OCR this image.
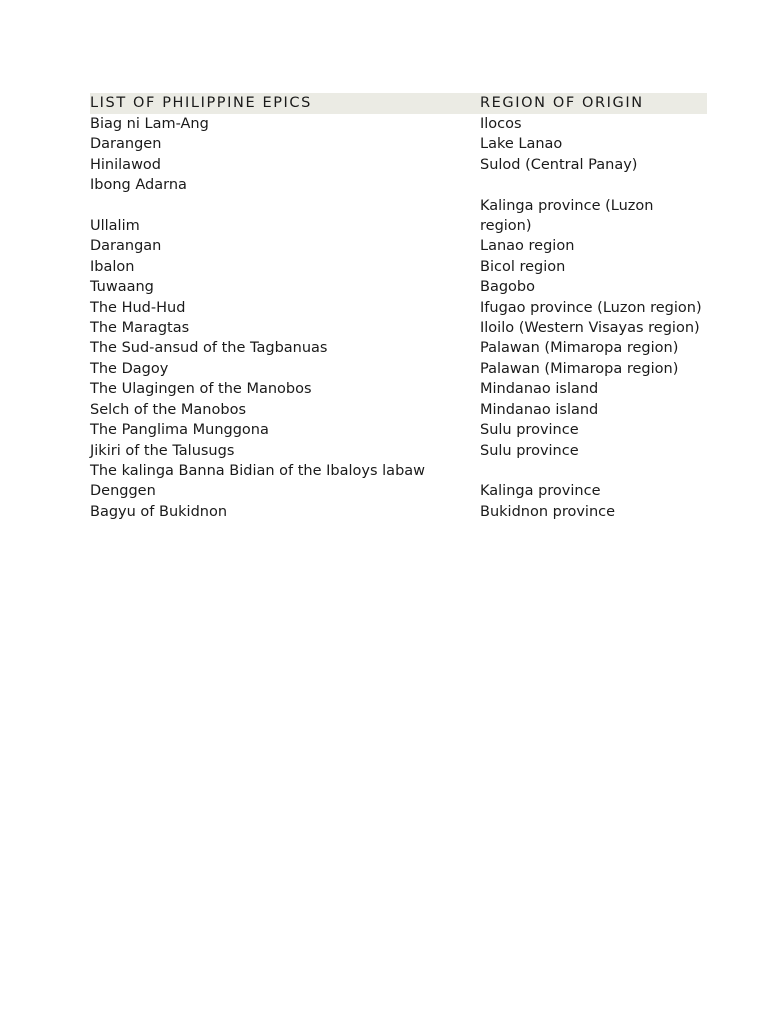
LIST OF PHILIPPINE EPICS	REGION OF ORIGIN
Biag ni Lam-Ang	Ilocos
Darangen	Lake Lanao
Hinilawod	Sulod (Central Panay)
Ibong Adarna	
Ullalim	Kalinga province (Luzon region)
Darangan	Lanao region
Ibalon	Bicol region
Tuwaang	Bagobo
The Hud-Hud	Ifugao province (Luzon region)
The Maragtas	Iloilo (Western Visayas region)
The Sud-ansud of the Tagbanuas	Palawan (Mimaropa region)
The Dagoy	Palawan (Mimaropa region)
The Ulagingen of the Manobos	Mindanao island
Selch of the Manobos	Mindanao island
The Panglima Munggona	Sulu province
Jikiri of the Talusugs	Sulu province
The kalinga Banna Bidian of the Ibaloys labaw	
Denggen	Kalinga province
Bagyu of Bukidnon	Bukidnon province
